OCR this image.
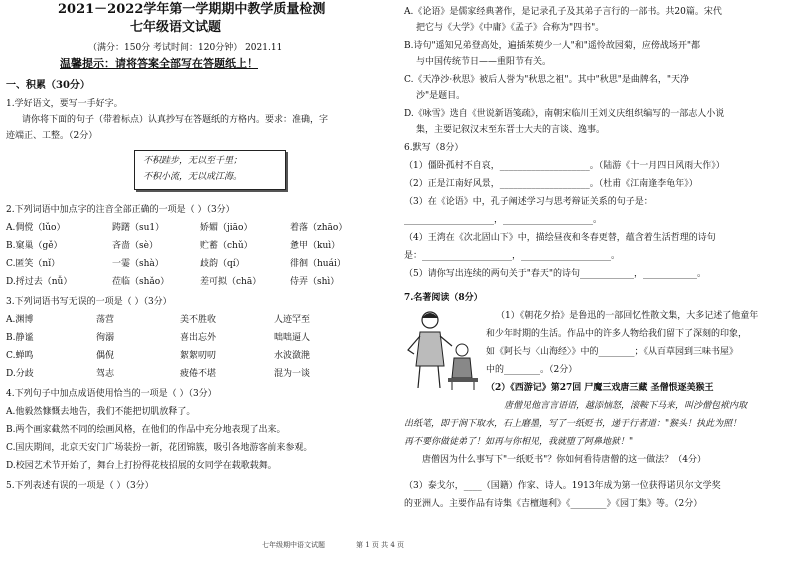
2021－2022学年第一学期期中教学质量检测
七年级语文试题
（满分：150分 考试时间：120分钟） 2021.11
温馨提示：请将答案全部写在答题纸上！
一、积累（30分）
1.学好语文，要写一手好字。
请你将下面的句子（带着标点）认真抄写在答题纸的方格内。要求：准确，字
迹端正、工整。（2分）
不积跬步，无以至千里；
不积小流，无以成江海。
2.下列词语中加点字的注音全部正确的一项是（ ）（3分）
A.倜傥（lǔo）	踌躇（su1）	娇媚（jiāo）	着落（zhāo）
B.窠巢（gě）	吝啬（sè）	贮蓄（chǔ）	惫甲（kuì）
C.匿笑（nǐ）	一霎（shà）	歧韵（qí）	徘徊（huái）
D.捋过去（nǚ）	莅临（shǎo）	差可拟（chā）	侍弄（shì）
3.下列词语书写无误的一项是（ ）（3分）
A.渊博	荡营	美不胜收	人迹罕至
B.静谧	徇溺	喜出忘外	咄咄逼人
C.蝉鸣	偶倪	絮絮叨叨	水波潋滟
D.分歧	驾志	疲倦不堪	混为一谈
4.下列句子中加点成语使用恰当的一项是（ ）（3分）
A.他毅然慷慨去地告，我们不能把切肌放释了。
B.两个画家截然不同的绘画风格，在他们的作品中充分地表现了出来。
C.国庆期间，北京天安门广场装扮一新，花团锦簇，吸引各地游客前来参观。
D.校园艺术节开始了，舞台上打扮得花枝招展的女同学在载歌载舞。
5.下列表述有误的一项是（ ）（3分）
A.《论语》是儒家经典著作，是记录孔子及其弟子言行的一部书。共20篇。宋代
把它与《大学》《中庸》《孟子》合称为"四书"。
B.诗句"遥知兄弟登高处，遍插茱萸少一人"和"遥怜故园菊，应傍战场开"都
与中国传统节日——重阳节有关。
C.《天净沙·秋思》被后人誉为"秋思之祖"。其中"秋思"是曲牌名，"天净
沙"是题目。
D.《咏雪》选自《世说新语笺疏》，南朝宋临川王刘义庆组织编写的一部志人小说
集，主要记叙汉末至东晋士大夫的言谈、逸事。
6.默写（8分）
（1）僵卧孤村不自哀，____________________。（陆游《十一月四日风雨大作》）
（2）正是江南好风景，____________________。（杜甫《江南逢李龟年》）
（3）在《论语》中，孔子阐述学习与思考辩证关系的句子是：
____________________，____________________。
（4）王湾在《次北固山下》中，描绘昼夜和冬春更替，蕴含着生活哲理的诗句
是：____________________，____________________。
（5）请你写出连续的两句关于"春天"的诗句____________，____________。
7.名著阅读（8分）
（1）《朝花夕拾》是鲁迅的一部回忆性散文集，大多记述了他童年
和少年时期的生活。作品中的许多人物给我们留下了深刻的印象，
如《阿长与〈山海经〉》中的________；《从百草园到三味书屋》
中的________。（2分）
（2）《西游记》第27回 尸魔三戏唐三藏 圣僧恨逐美猴王
唐僧见他言言语语，越添恼怒，滚鞍下马来，叫沙僧包袱内取
出纸笔，即于涧下取水，石上磨墨，写了一纸贬书，递于行者道："猴头！执此为照！
再不要你做徒弟了！如再与你相见，我就堕了阿鼻地狱！"
唐僧因为什么事写下"一纸贬书"？你如何看待唐僧的这一做法？（4分）
（3）泰戈尔，____（国籍）作家、诗人。1913年成为第一位获得诺贝尔文学奖
的亚洲人。主要作品有诗集《吉檀迦利》《________》《园丁集》等。（2分）
七年级期中语文试题	第 1 页 共 4 页
